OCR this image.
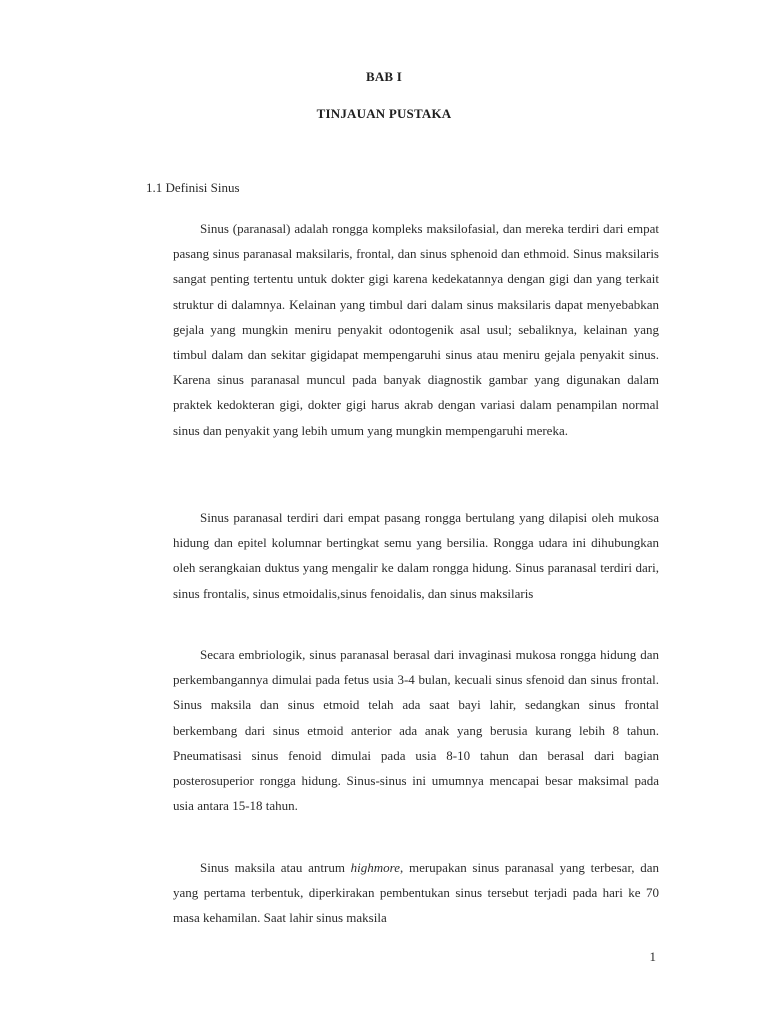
BAB I
TINJAUAN PUSTAKA
1.1 Definisi Sinus

Sinus (paranasal) adalah rongga kompleks maksilofasial, dan mereka terdiri dari empat pasang sinus paranasal maksilaris, frontal, dan sinus sphenoid dan ethmoid. Sinus maksilaris sangat penting tertentu untuk dokter gigi karena kedekatannya dengan gigi dan yang terkait struktur di dalamnya. Kelainan yang timbul dari dalam sinus maksilaris dapat menyebabkan gejala yang mungkin meniru penyakit odontogenik asal usul; sebaliknya, kelainan yang timbul dalam dan sekitar gigidapat mempengaruhi sinus atau meniru gejala penyakit sinus. Karena sinus paranasal muncul pada banyak diagnostik gambar yang digunakan dalam praktek kedokteran gigi, dokter gigi harus akrab dengan variasi dalam penampilan normal sinus dan penyakit yang lebih umum yang mungkin mempengaruhi mereka.

Sinus paranasal terdiri dari empat pasang rongga bertulang yang dilapisi oleh mukosa hidung dan epitel kolumnar bertingkat semu yang bersilia. Rongga udara ini dihubungkan oleh serangkaian duktus yang mengalir ke dalam rongga hidung. Sinus paranasal terdiri dari, sinus frontalis, sinus etmoidalis,sinus fenoidalis, dan sinus maksilaris

Secara embriologik, sinus paranasal berasal dari invaginasi mukosa rongga hidung dan perkembangannya dimulai pada fetus usia 3-4 bulan, kecuali sinus sfenoid dan sinus frontal. Sinus maksila dan sinus etmoid telah ada saat bayi lahir, sedangkan sinus frontal berkembang dari sinus etmoid anterior ada anak yang berusia kurang lebih 8 tahun. Pneumatisasi sinus fenoid dimulai pada usia 8-10 tahun dan berasal dari bagian posterosuperior rongga hidung. Sinus-sinus ini umumnya mencapai besar maksimal pada usia antara 15-18 tahun.

Sinus maksila atau antrum highmore, merupakan sinus paranasal yang terbesar, dan yang pertama terbentuk, diperkirakan pembentukan sinus tersebut terjadi pada hari ke 70 masa kehamilan. Saat lahir sinus maksila

1
